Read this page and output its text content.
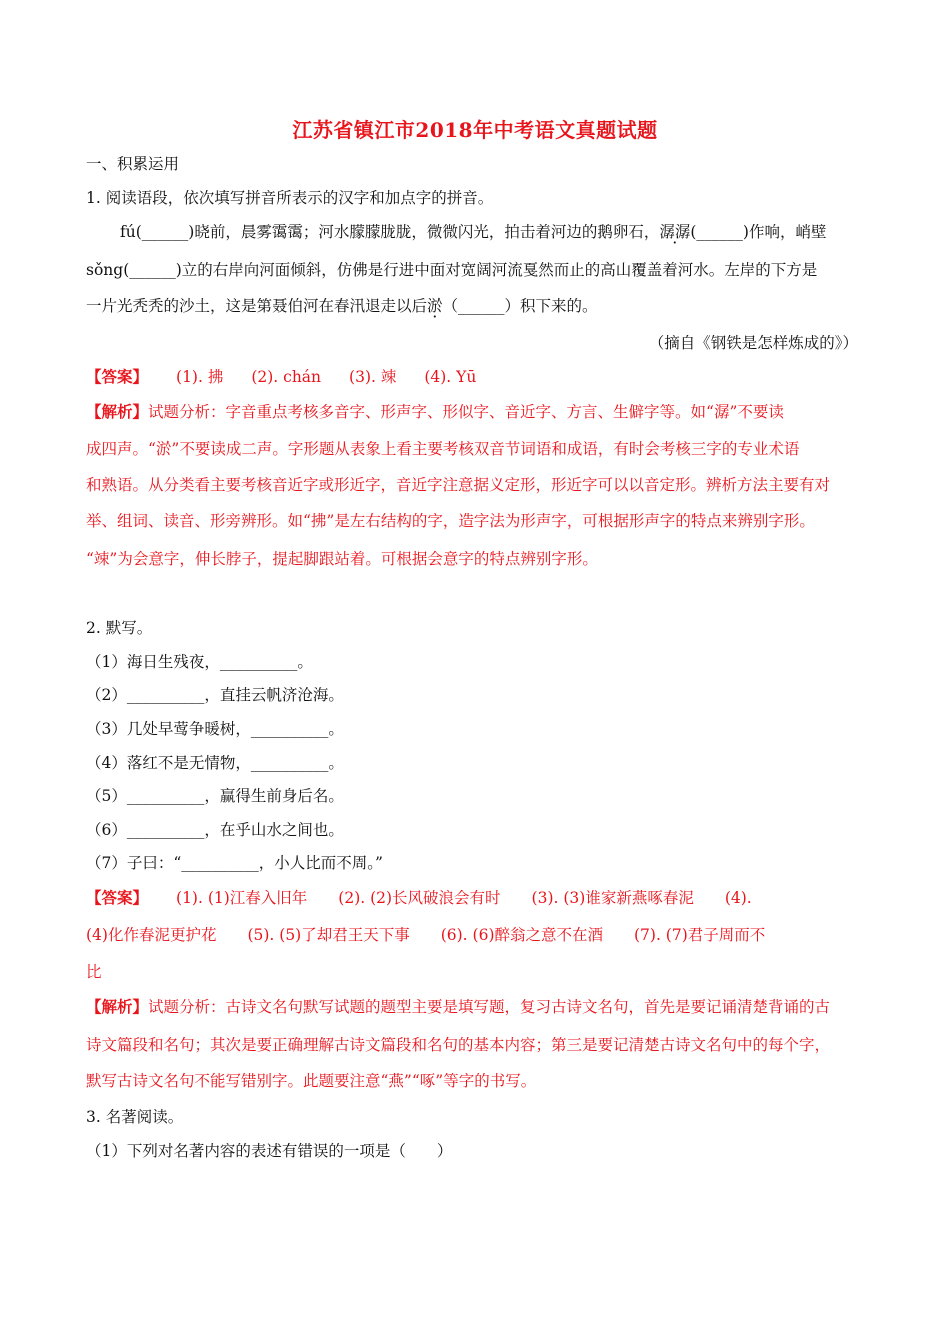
江苏省镇江市2018年中考语文真题试题
一、积累运用
1. 阅读语段，依次填写拼音所表示的汉字和加点字的拼音。
fú(______)晓前，晨雾霭霭；河水朦朦胧胧，微微闪光，拍击着河边的鹅卵石，潺潺(______)作响，峭壁
sǒng(______)立的右岸向河面倾斜，仿佛是行进中面对宽阔河流戛然而止的高山覆盖着河水。左岸的下方是
一片光秃秃的沙土，这是第聂伯河在春汛退走以后淤（______）积下来的。
（摘自《钢铁是怎样炼成的》）
【答案】 (1). 拂 (2). chán (3). 竦 (4). Yū
【解析】试题分析：字音重点考核多音字、形声字、形似字、音近字、方言、生僻字等。如“潺”不要读
成四声。“淤”不要读成二声。字形题从表象上看主要考核双音节词语和成语，有时会考核三字的专业术语
和熟语。从分类看主要考核音近字或形近字，音近字注意据义定形，形近字可以以音定形。辨析方法主要有对
举、组词、读音、形旁辨形。如“拂”是左右结构的字，造字法为形声字，可根据形声字的特点来辨别字形。
“竦”为会意字，伸长脖子，提起脚跟站着。可根据会意字的特点辨别字形。
2. 默写。
（1）海日生残夜，__________。
（2）__________，直挂云帆济沧海。
（3）几处早莺争暖树，__________。
（4）落红不是无情物，__________。
（5）__________，赢得生前身后名。
（6）__________，在乎山水之间也。
（7）子曰：“__________，小人比而不周。”
【答案】 (1). (1)江春入旧年　　(2). (2)长风破浪会有时　　(3). (3)谁家新燕啄春泥　　(4).
(4)化作春泥更护花　　(5). (5)了却君王天下事　　(6). (6)醉翁之意不在酒　　(7). (7)君子周而不
比
【解析】试题分析：古诗文名句默写试题的题型主要是填写题，复习古诗文名句，首先是要记诵清楚背诵的古
诗文篇段和名句；其次是要正确理解古诗文篇段和名句的基本内容；第三是要记清楚古诗文名句中的每个字，
默写古诗文名句不能写错别字。此题要注意“燕”“啄”等字的书写。
3. 名著阅读。
（1）下列对名著内容的表述有错误的一项是（　　）
